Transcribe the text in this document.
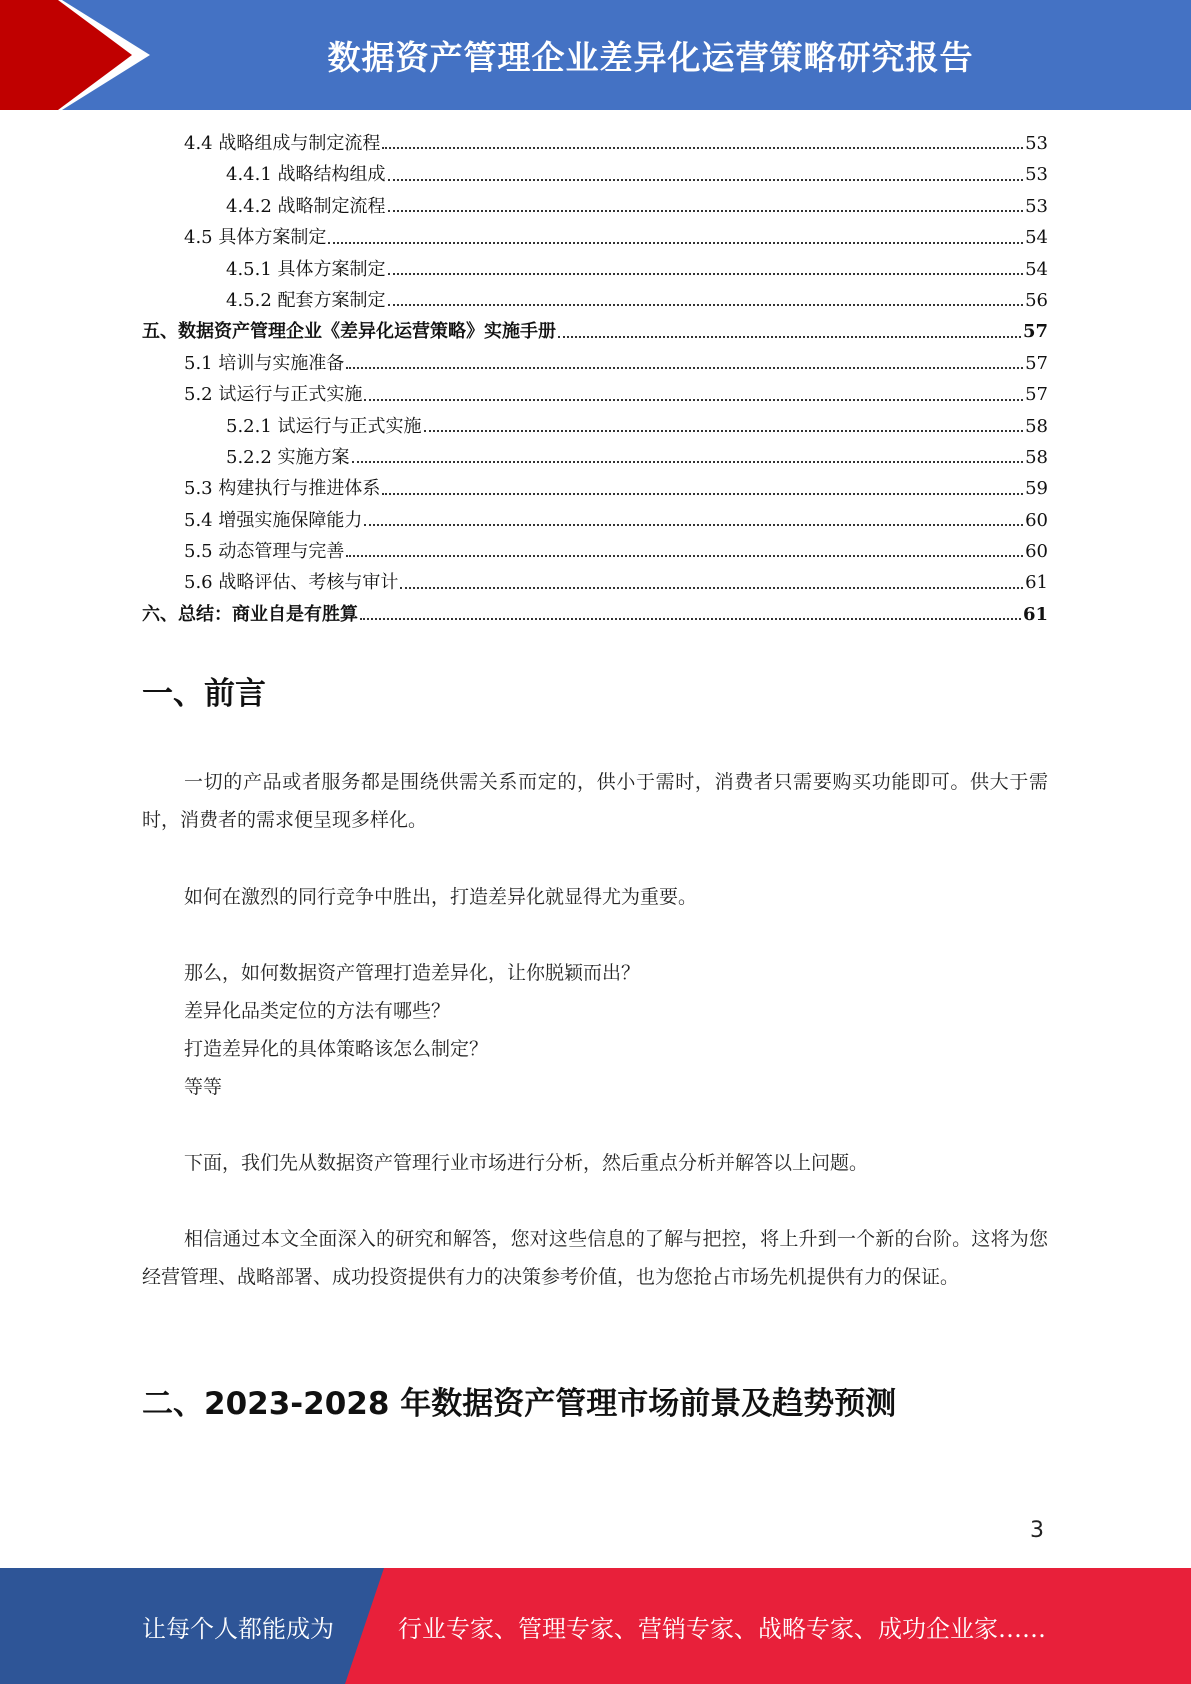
数据资产管理企业差异化运营策略研究报告
4.4 战略组成与制定流程	53
4.4.1 战略结构组成	53
4.4.2 战略制定流程	53
4.5 具体方案制定	54
4.5.1 具体方案制定	54
4.5.2 配套方案制定	56
五、数据资产管理企业《差异化运营策略》实施手册	57
5.1 培训与实施准备	57
5.2 试运行与正式实施	57
5.2.1 试运行与正式实施	58
5.2.2 实施方案	58
5.3 构建执行与推进体系	59
5.4 增强实施保障能力	60
5.5 动态管理与完善	60
5.6 战略评估、考核与审计	61
六、总结：商业自是有胜算	61
一、前言
一切的产品或者服务都是围绕供需关系而定的，供小于需时，消费者只需要购买功能即可。供大于需时，消费者的需求便呈现多样化。
如何在激烈的同行竞争中胜出，打造差异化就显得尤为重要。
那么，如何数据资产管理打造差异化，让你脱颖而出？
差异化品类定位的方法有哪些？
打造差异化的具体策略该怎么制定？
等等
下面，我们先从数据资产管理行业市场进行分析，然后重点分析并解答以上问题。
相信通过本文全面深入的研究和解答，您对这些信息的了解与把控，将上升到一个新的台阶。这将为您经营管理、战略部署、成功投资提供有力的决策参考价值，也为您抢占市场先机提供有力的保证。
二、2023-2028 年数据资产管理市场前景及趋势预测
3
让每个人都能成为	行业专家、管理专家、营销专家、战略专家、成功企业家……
